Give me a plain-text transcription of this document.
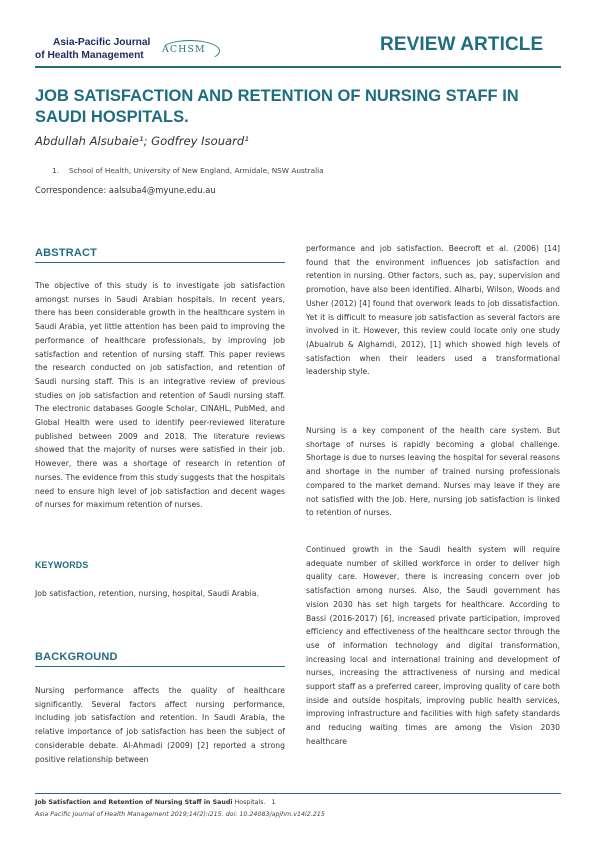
Asia-Pacific Journal
of Health Management	ACHSM	REVIEW ARTICLE
JOB SATISFACTION AND RETENTION OF NURSING STAFF IN SAUDI HOSPITALS.
Abdullah Alsubaie¹; Godfrey Isouard¹
1. School of Health, University of New England, Armidale, NSW Australia
Correspondence: aalsuba4@myune.edu.au
ABSTRACT

The objective of this study is to investigate job satisfaction amongst nurses in Saudi Arabian hospitals. In recent years, there has been considerable growth in the healthcare system in Saudi Arabia, yet little attention has been paid to improving the performance of healthcare professionals, by improving job satisfaction and retention of nursing staff. This paper reviews the research conducted on job satisfaction, and retention of Saudi nursing staff. This is an integrative review of previous studies on job satisfaction and retention of Saudi nursing staff. The electronic databases Google Scholar, CINAHL, PubMed, and Global Health were used to identify peer-reviewed literature published between 2009 and 2018. The literature reviews showed that the majority of nurses were satisfied in their job. However, there was a shortage of research in retention of nurses. The evidence from this study suggests that the hospitals need to ensure high level of job satisfaction and decent wages of nurses for maximum retention of nurses.

KEYWORDS

Job satisfaction, retention, nursing, hospital, Saudi Arabia.

BACKGROUND

Nursing performance affects the quality of healthcare significantly. Several factors affect nursing performance, including job satisfaction and retention. In Saudi Arabia, the relative importance of job satisfaction has been the subject of considerable debate. Al-Ahmadi (2009) [2] reported a strong positive relationship between

performance and job satisfaction. Beecroft et al. (2006) [14] found that the environment influences job satisfaction and retention in nursing. Other factors, such as, pay, supervision and promotion, have also been identified. Alharbi, Wilson, Woods and Usher (2012) [4] found that overwork leads to job dissatisfaction. Yet it is difficult to measure job satisfaction as several factors are involved in it. However, this review could locate only one study (Abualrub & Alghamdi, 2012), [1] which showed high levels of satisfaction when their leaders used a transformational leadership style.

Nursing is a key component of the health care system. But shortage of nurses is rapidly becoming a global challenge. Shortage is due to nurses leaving the hospital for several reasons and shortage in the number of trained nursing professionals compared to the market demand. Nurses may leave if they are not satisfied with the job. Here, nursing job satisfaction is linked to retention of nurses.

Continued growth in the Saudi health system will require adequate number of skilled workforce in order to deliver high quality care. However, there is increasing concern over job satisfaction among nurses. Also, the Saudi government has vision 2030 has set high targets for healthcare. According to Bassi (2016-2017) [6], increased private participation, improved efficiency and effectiveness of the healthcare sector through the use of information technology and digital transformation, increasing local and international training and development of nurses, increasing the attractiveness of nursing and medical support staff as a preferred career, improving quality of care both inside and outside hospitals, improving public health services, improving infrastructure and facilities with high safety standards and reducing waiting times are among the Vision 2030 healthcare

Job Satisfaction and Retention of Nursing Staff in Saudi Hospitals. 1
Asia Pacific Journal of Health Management 2019;14(2):i215. doi: 10.24083/apjhm.v14i2.215
